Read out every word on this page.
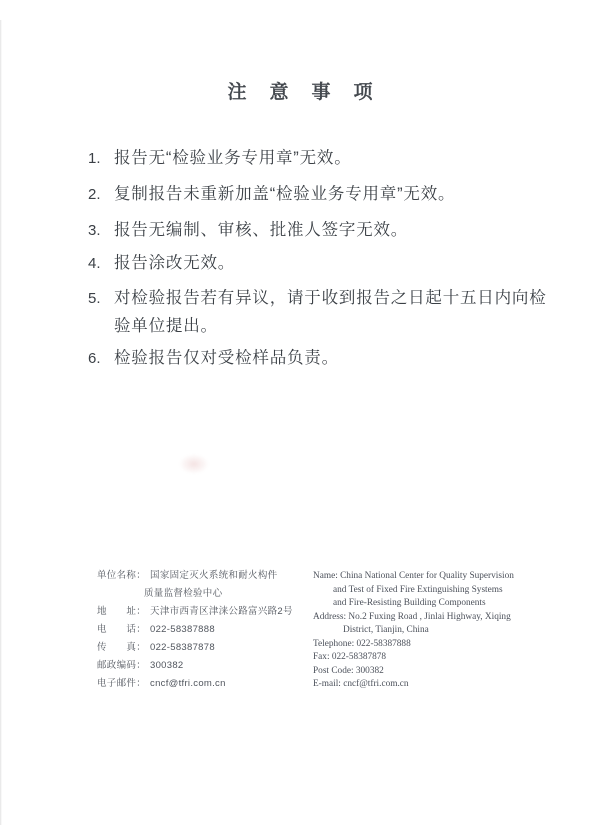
注意事项
1. 报告无“检验业务专用章”无效。
2. 复制报告未重新加盖“检验业务专用章”无效。
3. 报告无编制、审核、批准人签字无效。
4. 报告涂改无效。
5. 对检验报告若有异议，请于收到报告之日起十五日内向检
验单位提出。
6. 检验报告仅对受检样品负责。
单位名称： 国家固定灭火系统和耐火构件
质量监督检验中心
地　　址： 天津市西青区津涞公路富兴路2号
电　　话： 022-58387888
传　　真： 022-58387878
邮政编码： 300382
电子邮件： cncf@tfri.com.cn
Name: China National Center for Quality Supervision
and Test of Fixed Fire Extinguishing Systems
and Fire-Resisting Building Components
Address: No.2 Fuxing Road , Jinlai Highway, Xiqing
District, Tianjin, China
Telephone: 022-58387888
Fax: 022-58387878
Post Code: 300382
E-mail: cncf@tfri.com.cn
